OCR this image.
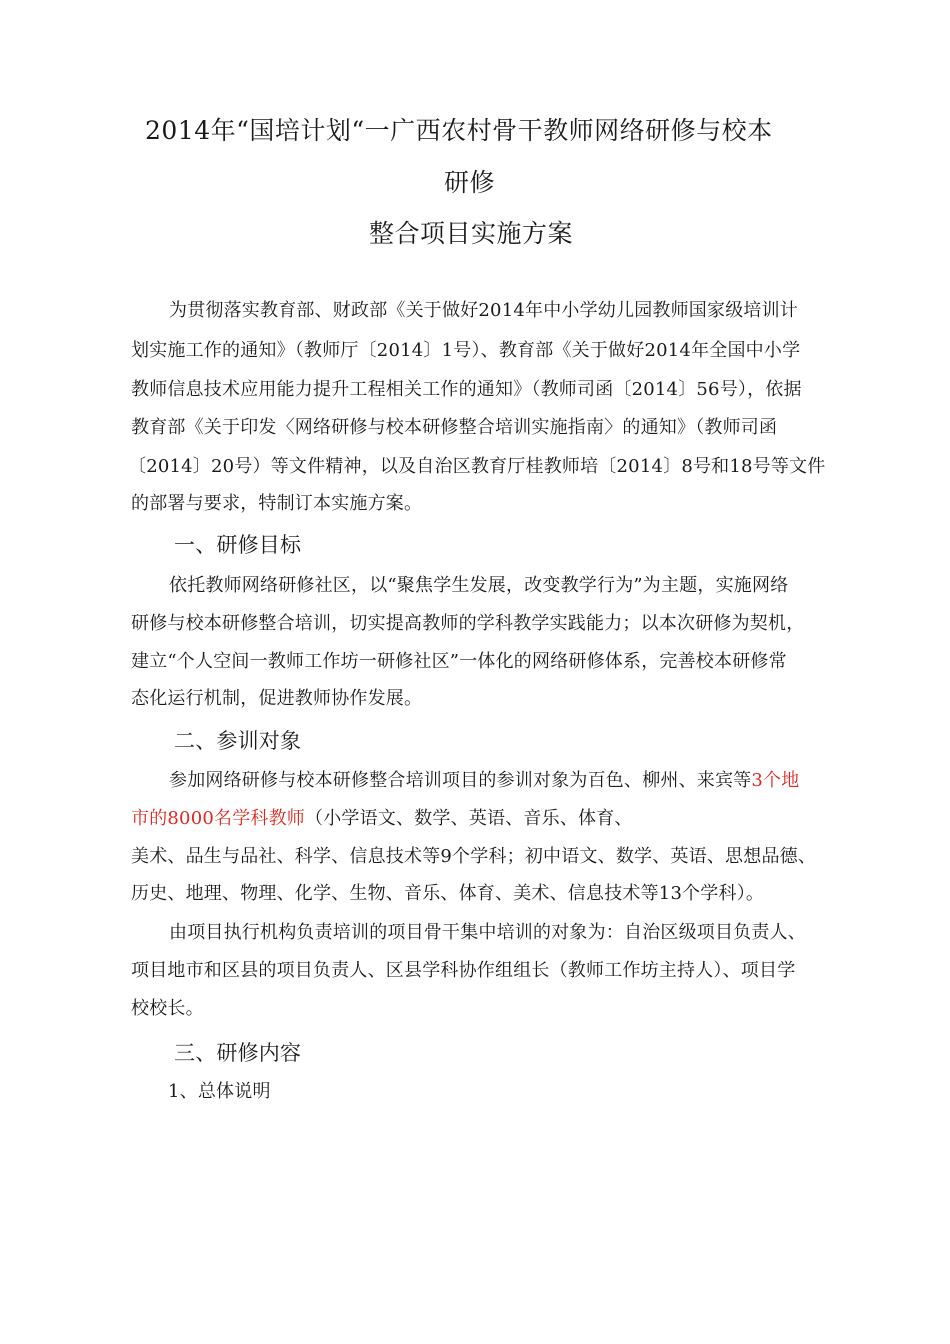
2014年“国培计划“一广西农村骨干教师网络研修与校本
研修
整合项目实施方案
为贯彻落实教育部、财政部《关于做好2014年中小学幼儿园教师国家级培训计
划实施工作的通知》（教师厅〔2014〕1号）、教育部《关于做好2014年全国中小学
教师信息技术应用能力提升工程相关工作的通知》（教师司函〔2014〕56号），依据
教育部《关于印发〈网络研修与校本研修整合培训实施指南〉的通知》（教师司函
〔2014〕20号）等文件精神，以及自治区教育厅桂教师培〔2014〕8号和18号等文件
的部署与要求，特制订本实施方案。
一、研修目标
依托教师网络研修社区，以“聚焦学生发展，改变教学行为”为主题，实施网络
研修与校本研修整合培训，切实提高教师的学科教学实践能力；以本次研修为契机，
建立“个人空间一教师工作坊一研修社区”一体化的网络研修体系，完善校本研修常
态化运行机制，促进教师协作发展。
二、参训对象
参加网络研修与校本研修整合培训项目的参训对象为百色、柳州、来宾等3个地
市的8000名学科教师（小学语文、数学、英语、音乐、体育、
美术、品生与品社、科学、信息技术等9个学科；初中语文、数学、英语、思想品德、
历史、地理、物理、化学、生物、音乐、体育、美术、信息技术等13个学科）。
由项目执行机构负责培训的项目骨干集中培训的对象为：自治区级项目负责人、
项目地市和区县的项目负责人、区县学科协作组组长（教师工作坊主持人）、项目学
校校长。
三、研修内容
1、总体说明
